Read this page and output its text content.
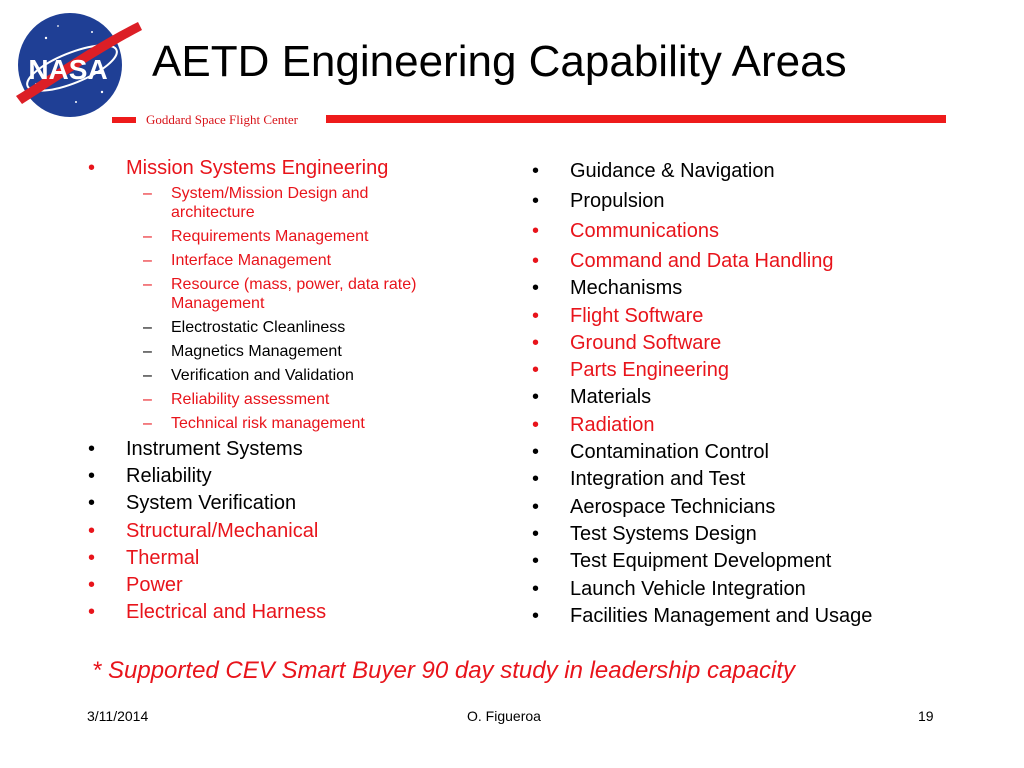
NASA AETD Engineering Capability Areas
Goddard Space Flight Center
• Mission Systems Engineering
– System/Mission Design and
architecture
– Requirements Management
– Interface Management
– Resource (mass, power, data rate)
Management
– Electrostatic Cleanliness
– Magnetics Management
– Verification and Validation
– Reliability assessment
– Technical risk management
• Instrument Systems
• Reliability
• System Verification
• Structural/Mechanical
• Thermal
• Power
• Electrical and Harness
• Guidance & Navigation
• Propulsion
• Communications
• Command and Data Handling
• Mechanisms
• Flight Software
• Ground Software
• Parts Engineering
• Materials
• Radiation
• Contamination Control
• Integration and Test
• Aerospace Technicians
• Test Systems Design
• Test Equipment Development
• Launch Vehicle Integration
• Facilities Management and Usage
* Supported CEV Smart Buyer 90 day study in leadership capacity
3/11/2014	O. Figueroa	19
